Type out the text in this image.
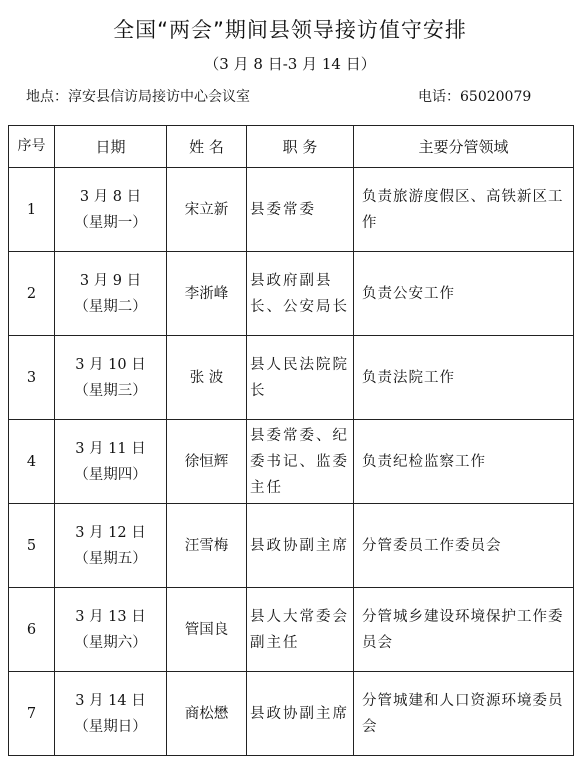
全国“两会”期间县领导接访值守安排
（3 月 8 日-3 月 14 日）
地点：淳安县信访局接访中心会议室	电话：65020079
序号	日期	姓 名	职 务	主要分管领域
1	3 月 8 日
（星期一）	宋立新	县委常委	负责旅游度假区、高铁新区工作
2	3 月 9 日
（星期二）	李浙峰	县政府副县长、公安局长	负责公安工作
3	3 月 10 日
（星期三）	张 波	县人民法院院长	负责法院工作
4	3 月 11 日
（星期四）	徐恒辉	县委常委、纪委书记、监委主任	负责纪检监察工作
5	3 月 12 日
（星期五）	汪雪梅	县政协副主席	分管委员工作委员会
6	3 月 13 日
（星期六）	管国良	县人大常委会副主任	分管城乡建设环境保护工作委员会
7	3 月 14 日
（星期日）	商松懋	县政协副主席	分管城建和人口资源环境委员会
